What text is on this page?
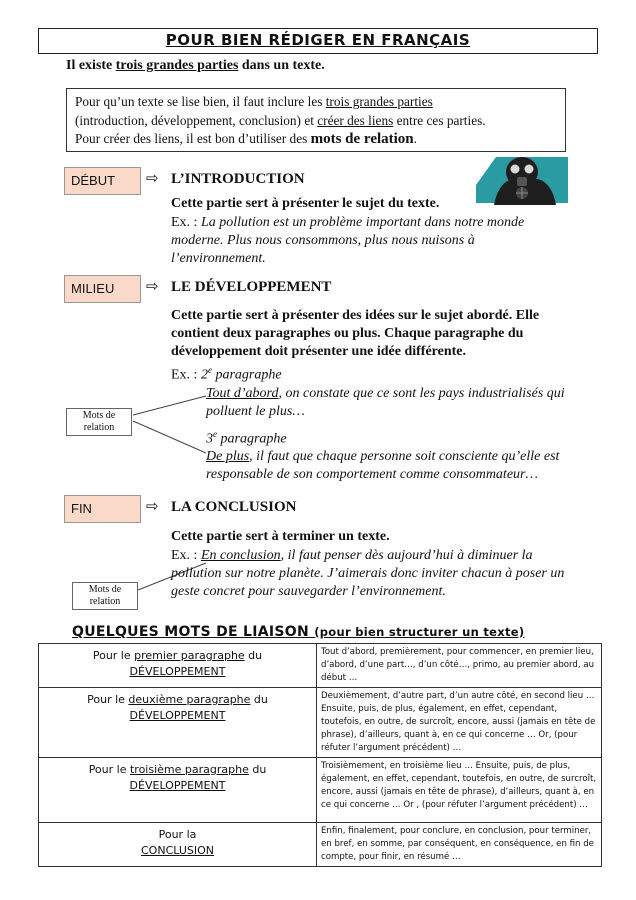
POUR BIEN RÉDIGER EN FRANÇAIS
Il existe trois grandes parties dans un texte.
Pour qu’un texte se lise bien, il faut inclure les trois grandes parties
(introduction, développement, conclusion) et créer des liens entre ces parties.
Pour créer des liens, il est bon d’utiliser des mots de relation.
DÉBUT	⇨ L’INTRODUCTION
Cette partie sert à présenter le sujet du texte.
Ex. : La pollution est un problème important dans notre monde moderne. Plus nous consommons, plus nous nuisons à l’environnement.
MILIEU	⇨ LE DÉVELOPPEMENT
Cette partie sert à présenter des idées sur le sujet abordé. Elle contient deux paragraphes ou plus. Chaque paragraphe du développement doit présenter une idée différente.
Ex. : 2e paragraphe
Tout d’abord, on constate que ce sont les pays industrialisés qui polluent le plus…
3e paragraphe
De plus, il faut que chaque personne soit consciente qu’elle est responsable de son comportement comme consommateur…
Mots de
relation
FIN	⇨ LA CONCLUSION
Cette partie sert à terminer un texte.
Ex. : En conclusion, il faut penser dès aujourd’hui à diminuer la pollution sur notre planète. J’aimerais donc inviter chacun à poser un geste concret pour sauvegarder l’environnement.
Mots de
relation
QUELQUES MOTS DE LIAISON (pour bien structurer un texte)
Pour le premier paragraphe du DÉVELOPPEMENT	Tout d’abord, premièrement, pour commencer, en premier lieu, d’abord, d’une part…, d’un côté…, primo, au premier abord, au début …
Pour le deuxième paragraphe du
DÉVELOPPEMENT	Deuxièmement, d’autre part, d’un autre côté, en second lieu … Ensuite, puis, de plus, également, en effet, cependant, toutefois, en outre, de surcroît, encore, aussi (jamais en tête de phrase), d’ailleurs, quant à, en ce qui concerne … Or, (pour réfuter l’argument précédent) …
Pour le troisième paragraphe du
DÉVELOPPEMENT	Troisièmement, en troisième lieu … Ensuite, puis, de plus, également, en effet, cependant, toutefois, en outre, de surcroît, encore, aussi (jamais en tête de phrase), d’ailleurs, quant à, en ce qui concerne … Or , (pour réfuter l’argument précédent) …
Pour la
CONCLUSION	Enfin, finalement, pour conclure, en conclusion, pour terminer, en bref, en somme, par conséquent, en conséquence, en fin de compte, pour finir, en résumé …
